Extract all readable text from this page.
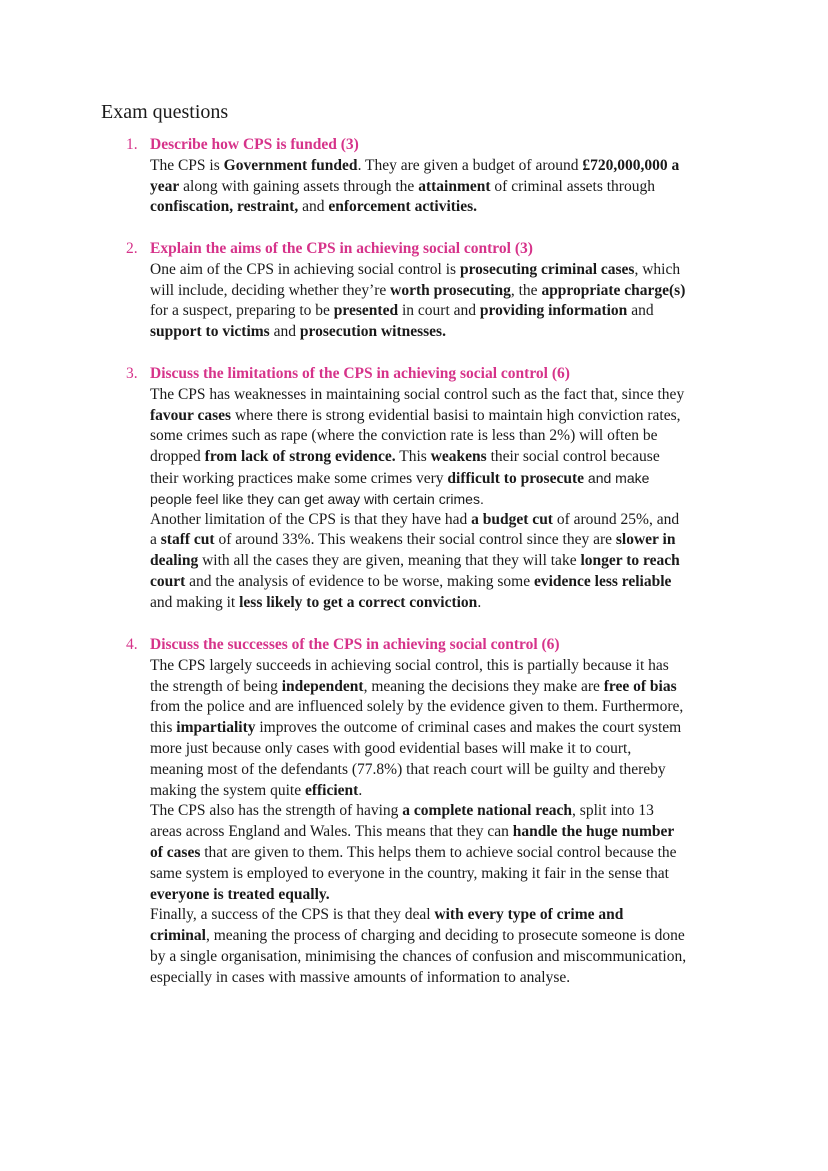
Exam questions
1. Describe how CPS is funded (3)
The CPS is Government funded. They are given a budget of around £720,000,000 a
year along with gaining assets through the attainment of criminal assets through
confiscation, restraint, and enforcement activities.
2. Explain the aims of the CPS in achieving social control (3)
One aim of the CPS in achieving social control is prosecuting criminal cases, which
will include, deciding whether they’re worth prosecuting, the appropriate charge(s)
for a suspect, preparing to be presented in court and providing information and
support to victims and prosecution witnesses.
3. Discuss the limitations of the CPS in achieving social control (6)
The CPS has weaknesses in maintaining social control such as the fact that, since they
favour cases where there is strong evidential basisi to maintain high conviction rates,
some crimes such as rape (where the conviction rate is less than 2%) will often be
dropped from lack of strong evidence. This weakens their social control because
their working practices make some crimes very difficult to prosecute and make
people feel like they can get away with certain crimes.
Another limitation of the CPS is that they have had a budget cut of around 25%, and
a staff cut of around 33%. This weakens their social control since they are slower in
dealing with all the cases they are given, meaning that they will take longer to reach
court and the analysis of evidence to be worse, making some evidence less reliable
and making it less likely to get a correct conviction.
4. Discuss the successes of the CPS in achieving social control (6)
The CPS largely succeeds in achieving social control, this is partially because it has
the strength of being independent, meaning the decisions they make are free of bias
from the police and are influenced solely by the evidence given to them. Furthermore,
this impartiality improves the outcome of criminal cases and makes the court system
more just because only cases with good evidential bases will make it to court,
meaning most of the defendants (77.8%) that reach court will be guilty and thereby
making the system quite efficient.
The CPS also has the strength of having a complete national reach, split into 13
areas across England and Wales. This means that they can handle the huge number
of cases that are given to them. This helps them to achieve social control because the
same system is employed to everyone in the country, making it fair in the sense that
everyone is treated equally.
Finally, a success of the CPS is that they deal with every type of crime and
criminal, meaning the process of charging and deciding to prosecute someone is done
by a single organisation, minimising the chances of confusion and miscommunication,
especially in cases with massive amounts of information to analyse.
